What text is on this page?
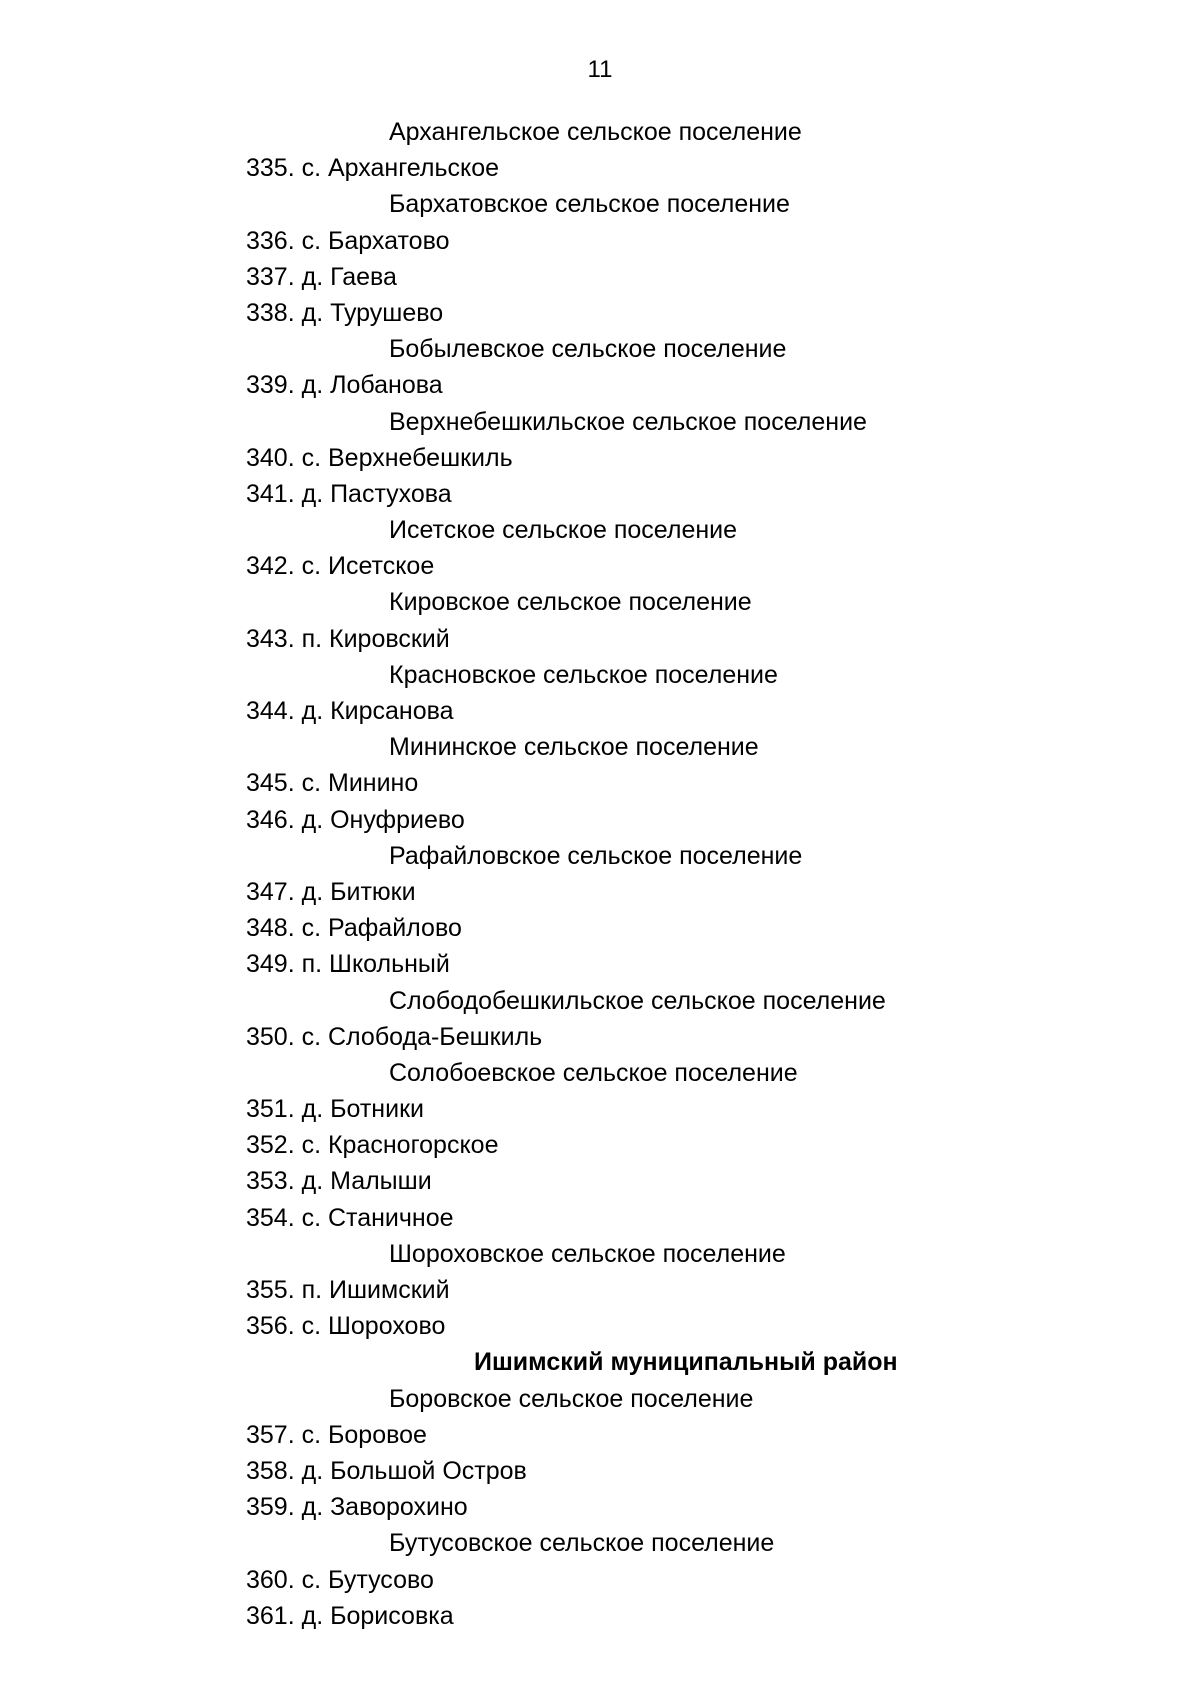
11
Архангельское сельское поселение
335. с. Архангельское
Бархатовское сельское поселение
336. с. Бархатово
337. д. Гаева
338. д. Турушево
Бобылевское сельское поселение
339. д. Лобанова
Верхнебешкильское сельское поселение
340. с. Верхнебешкиль
341. д. Пастухова
Исетское сельское поселение
342. с. Исетское
Кировское сельское поселение
343. п. Кировский
Красновское сельское поселение
344. д. Кирсанова
Мининское сельское поселение
345. с. Минино
346. д. Онуфриево
Рафайловское сельское поселение
347. д. Битюки
348. с. Рафайлово
349. п. Школьный
Слободобешкильское сельское поселение
350. с. Слобода-Бешкиль
Солобоевское сельское поселение
351. д. Ботники
352. с. Красногорское
353. д. Малыши
354. с. Станичное
Шороховское сельское поселение
355. п. Ишимский
356. с. Шорохово
Ишимский муниципальный район
Боровское сельское поселение
357. с. Боровое
358. д. Большой Остров
359. д. Заворохино
Бутусовское сельское поселение
360. с. Бутусово
361. д. Борисовка
